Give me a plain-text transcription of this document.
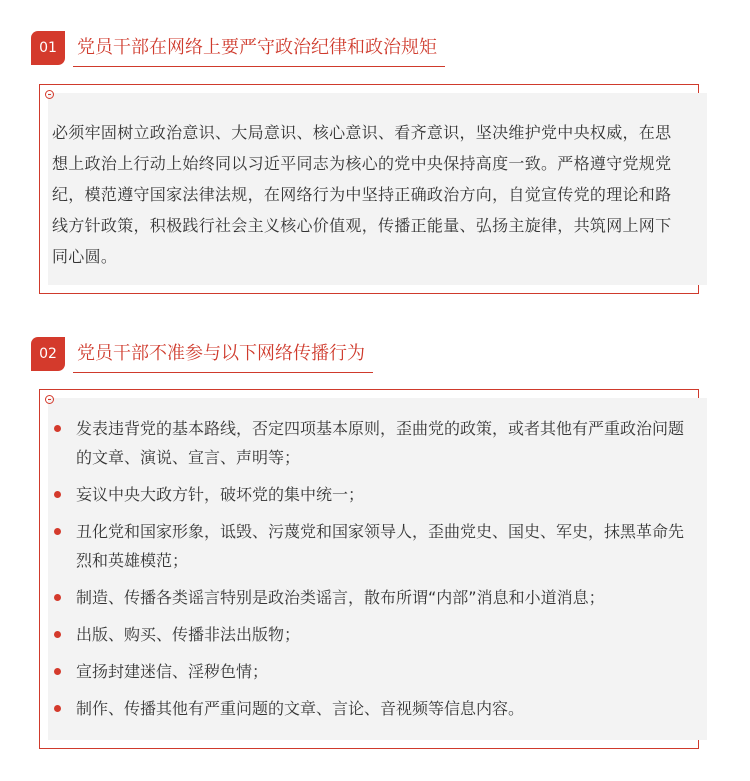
01	党员干部在网络上要严守政治纪律和政治规矩
必须牢固树立政治意识、大局意识、核心意识、看齐意识，坚决维护党中央权威，在思想上政治上行动上始终同以习近平同志为核心的党中央保持高度一致。严格遵守党规党纪，模范遵守国家法律法规，在网络行为中坚持正确政治方向，自觉宣传党的理论和路线方针政策，积极践行社会主义核心价值观，传播正能量、弘扬主旋律，共筑网上网下同心圆。
02	党员干部不准参与以下网络传播行为
发表违背党的基本路线，否定四项基本原则，歪曲党的政策，或者其他有严重政治问题的文章、演说、宣言、声明等；
妄议中央大政方针，破坏党的集中统一；
丑化党和国家形象，诋毁、污蔑党和国家领导人，歪曲党史、国史、军史，抹黑革命先烈和英雄模范；
制造、传播各类谣言特别是政治类谣言，散布所谓“内部”消息和小道消息；
出版、购买、传播非法出版物；
宣扬封建迷信、淫秽色情；
制作、传播其他有严重问题的文章、言论、音视频等信息内容。
